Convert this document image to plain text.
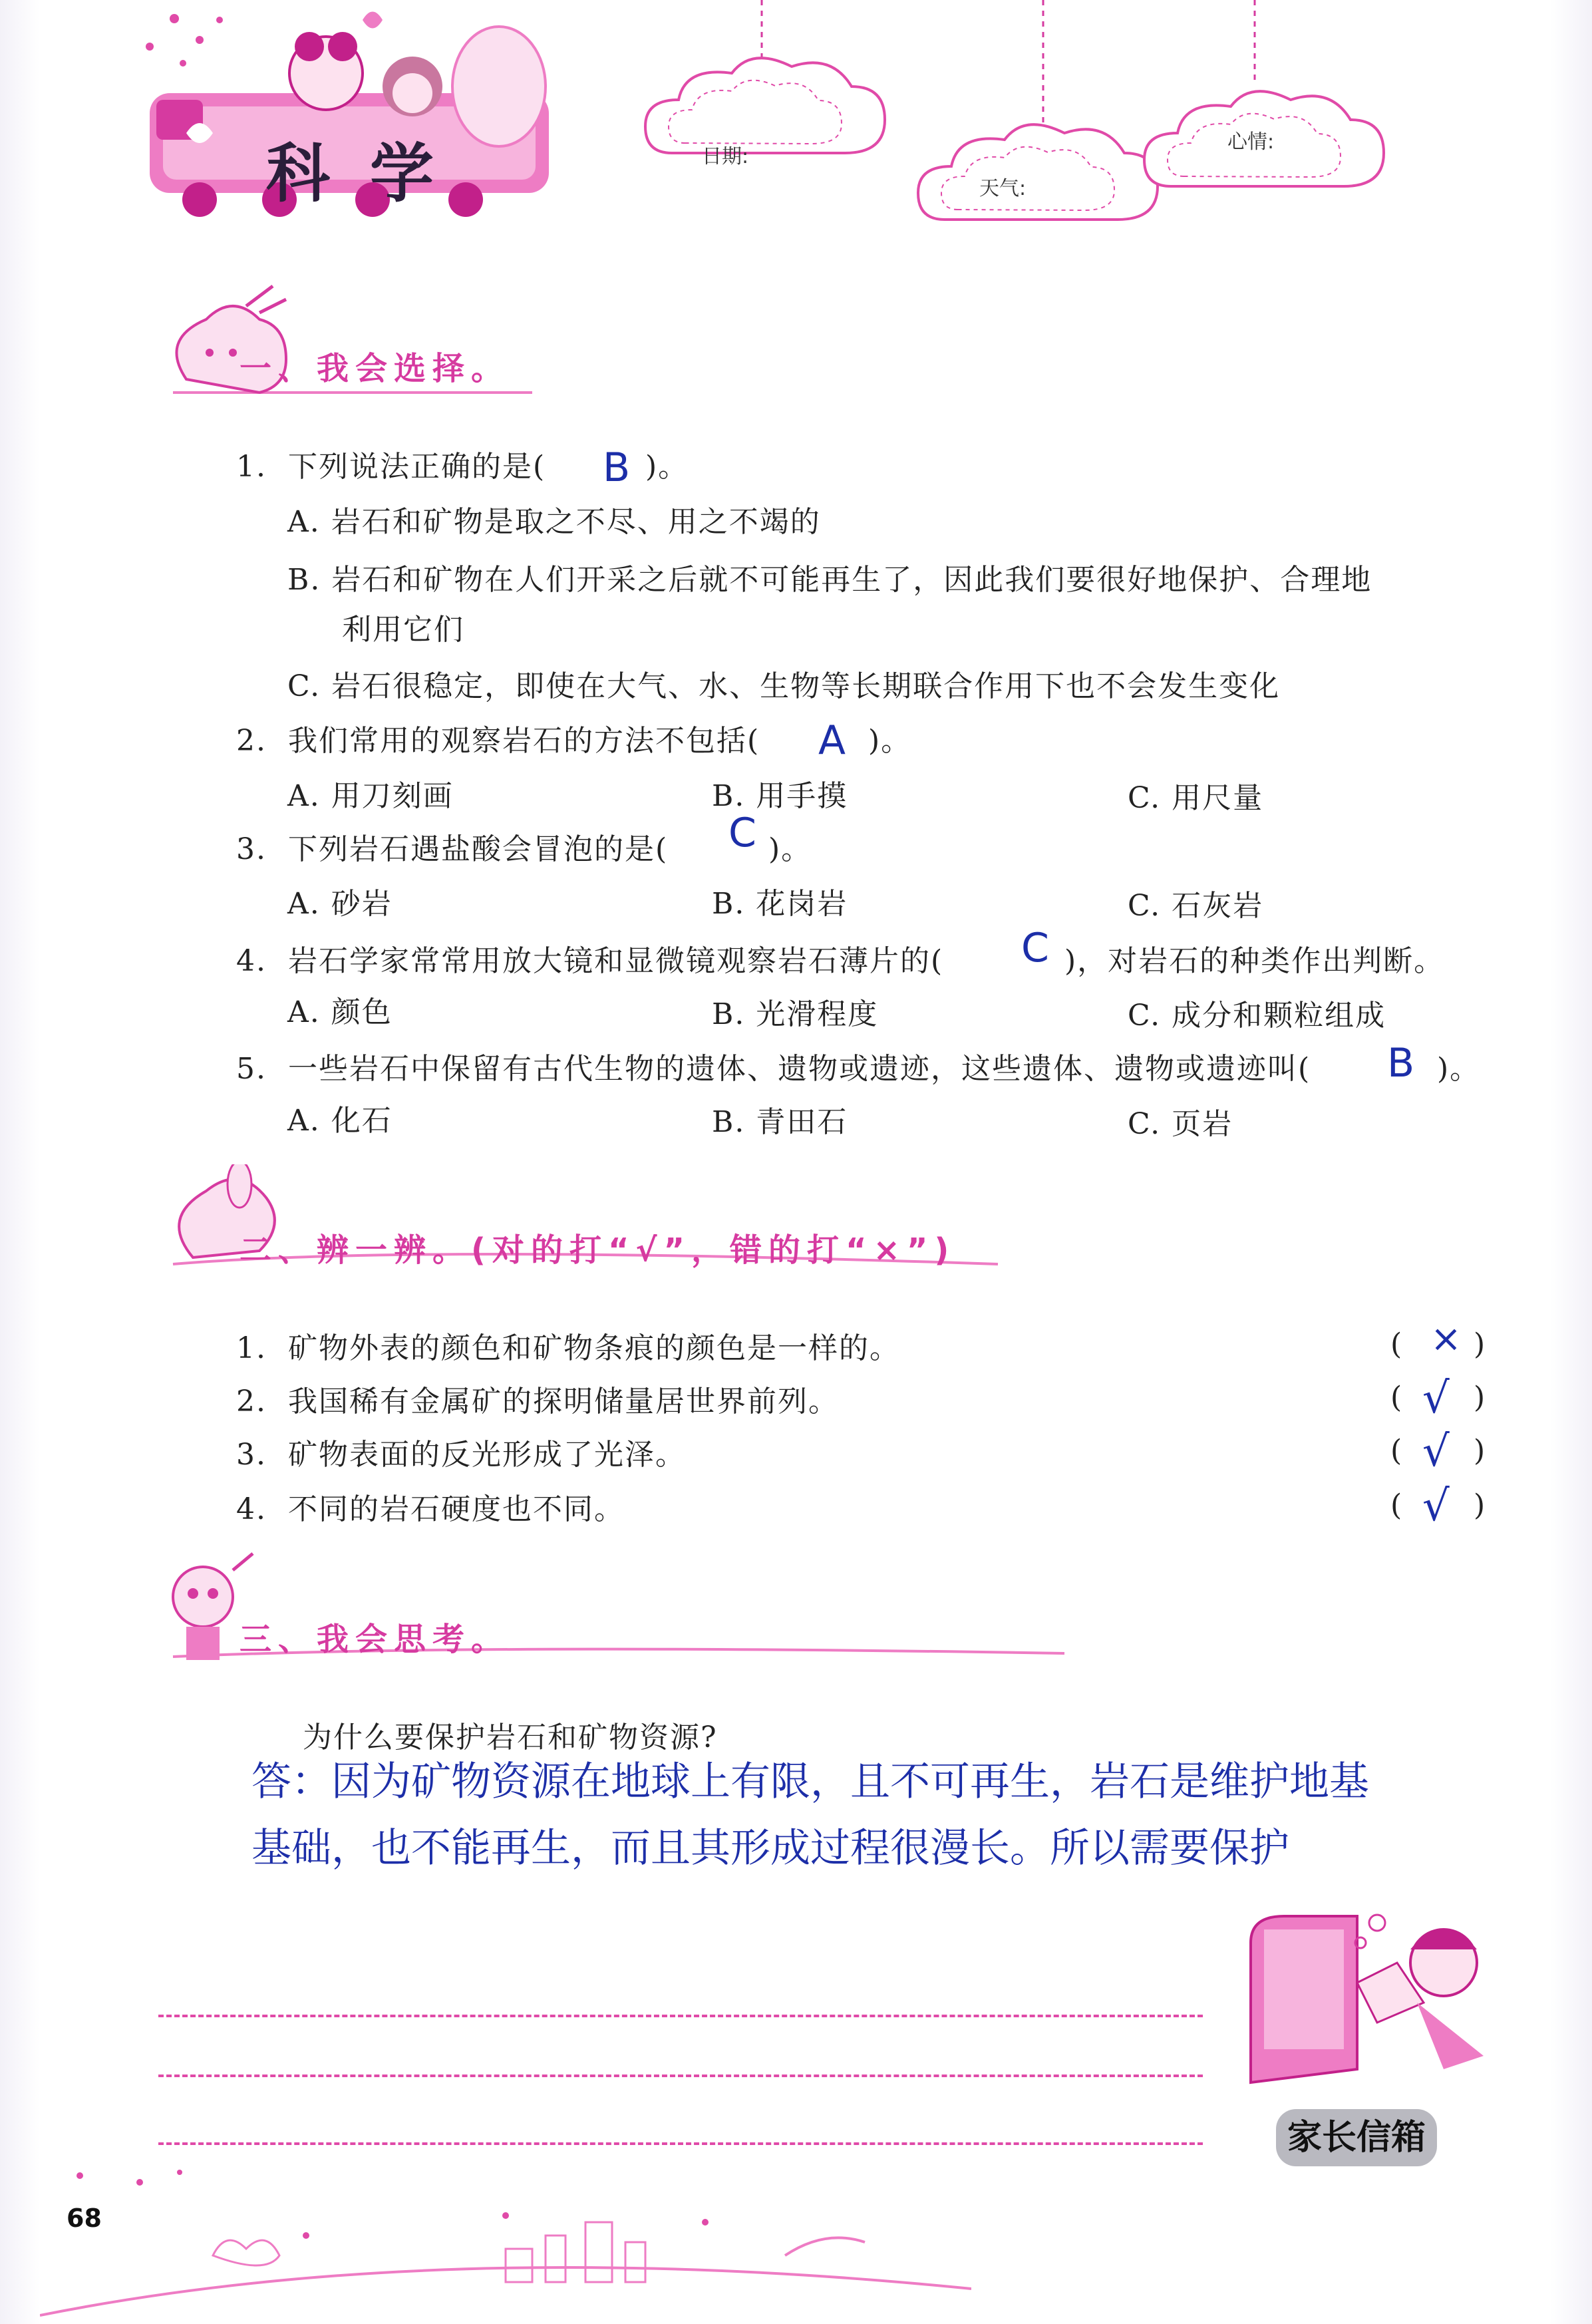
科学	日期:
天气:
心情:
一、我会选择。
1. 下列说法正确的是( B )。
A. 岩石和矿物是取之不尽、用之不竭的
B. 岩石和矿物在人们开采之后就不可能再生了，因此我们要很好地保护、合理地
利用它们
C. 岩石很稳定，即使在大气、水、生物等长期联合作用下也不会发生变化
2. 我们常用的观察岩石的方法不包括( A )。
A. 用刀刻画	B. 用手摸	C. 用尺量
3. 下列岩石遇盐酸会冒泡的是( C )。
A. 砂岩	B. 花岗岩	C. 石灰岩
4. 岩石学家常常用放大镜和显微镜观察岩石薄片的( C )，对岩石的种类作出判断。
A. 颜色	B. 光滑程度	C. 成分和颗粒组成
5. 一些岩石中保留有古代生物的遗体、遗物或遗迹，这些遗体、遗物或遗迹叫( B )。
A. 化石	B. 青田石	C. 页岩
二、辨一辨。(对的打“√”，错的打“×”)
1. 矿物外表的颜色和矿物条痕的颜色是一样的。	( × )
2. 我国稀有金属矿的探明储量居世界前列。	( √ )
3. 矿物表面的反光形成了光泽。	( √ )
4. 不同的岩石硬度也不同。	( √ )
三、我会思考。
为什么要保护岩石和矿物资源?
答：因为矿物资源在地球上有限，且不可再生，岩石是维护地基基础，也不能再生，而且其形成过程很漫长。所以需要保护
家长信箱
68
